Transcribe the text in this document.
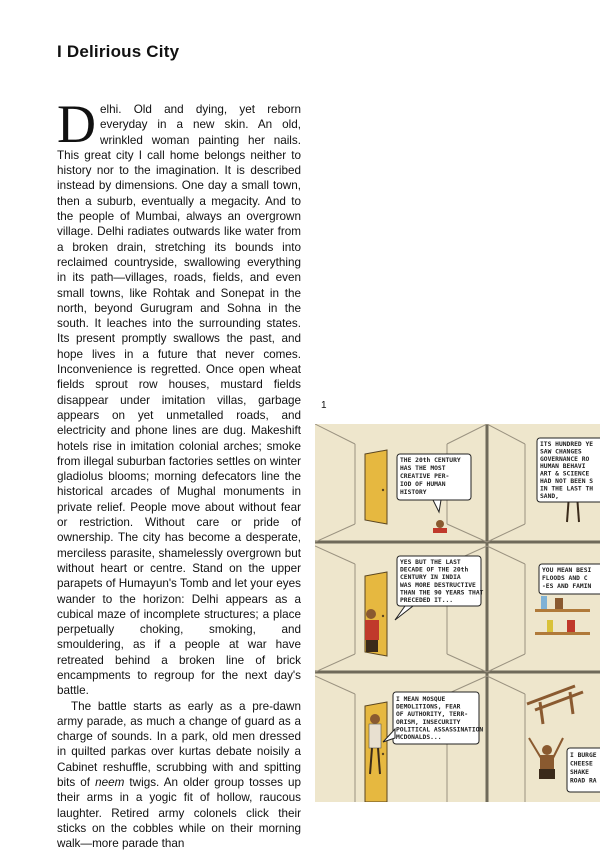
I Delirious City

Delhi. Old and dying, yet reborn everyday in a new skin. An old, wrinkled woman painting her nails. This great city I call home belongs neither to history nor to the imagination. It is described instead by dimensions. One day a small town, then a suburb, eventually a megacity. And to the people of Mumbai, always an overgrown village. Delhi radiates outwards like water from a broken drain, stretching its bounds into reclaimed countryside, swallowing everything in its path—villages, roads, fields, and even small towns, like Rohtak and Sonepat in the north, beyond Gurugram and Sohna in the south. It leaches into the surrounding states. Its present promptly swallows the past, and hope lives in a future that never comes. Inconvenience is regretted. Once open wheat fields sprout row houses, mustard fields disappear under imitation villas, garbage appears on yet unmetalled roads, and electricity and phone lines are dug. Makeshift hotels rise in imitation colonial arches; smoke from illegal suburban factories settles on winter gladiolus blooms; morning defecators line the historical arcades of Mughal monuments in private relief. People move about without fear or restriction. Without care or pride of ownership. The city has become a desperate, merciless parasite, shamelessly overgrown but without heart or centre. Stand on the upper parapets of Humayun's Tomb and let your eyes wander to the horizon: Delhi appears as a cubical maze of incomplete structures; a place perpetually choking, smoking, and smouldering, as if a people at war have retreated behind a broken line of brick encampments to regroup for the next day's battle.

The battle starts as early as a pre-dawn army parade, as much a change of guard as a charge of sounds. In a park, old men dressed in quilted parkas over kurtas debate noisily a Cabinet reshuffle, scrubbing with and spitting bits of neem twigs. An older group tosses up their arms in a yogic fit of hollow, raucous laughter. Retired army colonels click their sticks on the cobbles while on their morning walk—more parade than

1
THE 20th CENTURY HAS THE MOST CREATIVE PER-IOD OF HUMAN HISTORY
ITS HUNDRED YE SAW CHANGES GOVERNANCE RO HUMAN BEHAVI ART & SCIENCE HAD NOT BEEN S IN THE LAST TH SAND,
YES BUT THE LAST DECADE OF THE 20th CENTURY IN INDIA WAS MORE DESTRUCTIVE THAN THE 90 YEARS THAT PRECEDED IT...
YOU MEAN BESI FLOODS AND C -ES AND FAMIN
I MEAN MOSQUE DEMOLITIONS, FEAR OF AUTHORITY, TERR-ORISM, INSECURITY POLITICAL ASSASSINATION MCDONALDS...
I BURGE CHEESE SHAKE ROAD RA
